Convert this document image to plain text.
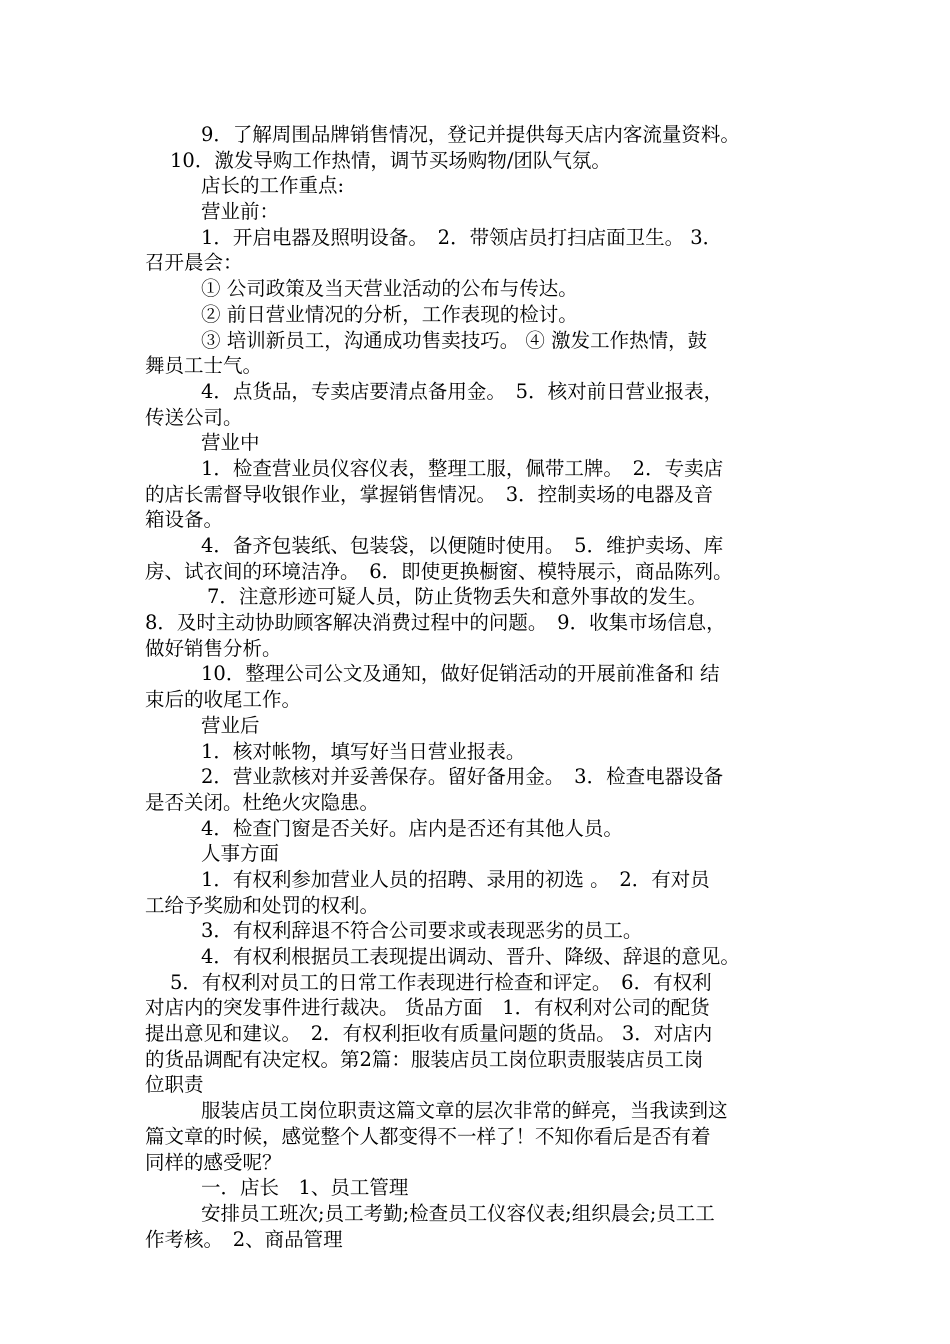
9．了解周围品牌销售情况，登记并提供每天店内客流量资料。
10．激发导购工作热情，调节买场购物/团队气氛。
店长的工作重点:
营业前：
1．开启电器及照明设备。　2．带领店员打扫店面卫生。 3．
召开晨会：
① 公司政策及当天营业活动的公布与传达。
② 前日营业情况的分析，工作表现的检讨。
③ 培训新员工，沟通成功售卖技巧。 ④ 激发工作热情，鼓
舞员工士气。
4．点货品，专卖店要清点备用金。　5．核对前日营业报表，
传送公司。
营业中
1．检查营业员仪容仪表，整理工服，佩带工牌。　2．专卖店
的店长需督导收银作业，掌握销售情况。　3．控制卖场的电器及音
箱设备。
4．备齐包装纸、包装袋，以便随时使用。　5．维护卖场、库
房、试衣间的环境洁净。　6．即使更换橱窗、模特展示，商品陈列。
7．注意形迹可疑人员，防止货物丢失和意外事故的发生。
8．及时主动协助顾客解决消费过程中的问题。　9．收集市场信息，
做好销售分析。
10．整理公司公文及通知，做好促销活动的开展前准备和 结
束后的收尾工作。
营业后
1．核对帐物，填写好当日营业报表。
2．营业款核对并妥善保存。留好备用金。　3．检查电器设备
是否关闭。杜绝火灾隐患。
4．检查门窗是否关好。店内是否还有其他人员。
人事方面
1．有权利参加营业人员的招聘、录用的初选 。　2．有对员
工给予奖励和处罚的权利。
3．有权利辞退不符合公司要求或表现恶劣的员工。
4．有权利根据员工表现提出调动、晋升、降级、辞退的意见。
5．有权利对员工的日常工作表现进行检查和评定。　6．有权利
对店内的突发事件进行裁决。 货品方面　1．有权利对公司的配货
提出意见和建议。　2．有权利拒收有质量问题的货品。 3．对店内
的货品调配有决定权。第2篇：服装店员工岗位职责服装店员工岗
位职责
服装店员工岗位职责这篇文章的层次非常的鲜亮，当我读到这
篇文章的时候，感觉整个人都变得不一样了！不知你看后是否有着
同样的感受呢？
一．店长　1、员工管理
安排员工班次;员工考勤;检查员工仪容仪表;组织晨会;员工工
作考核。　2、商品管理
